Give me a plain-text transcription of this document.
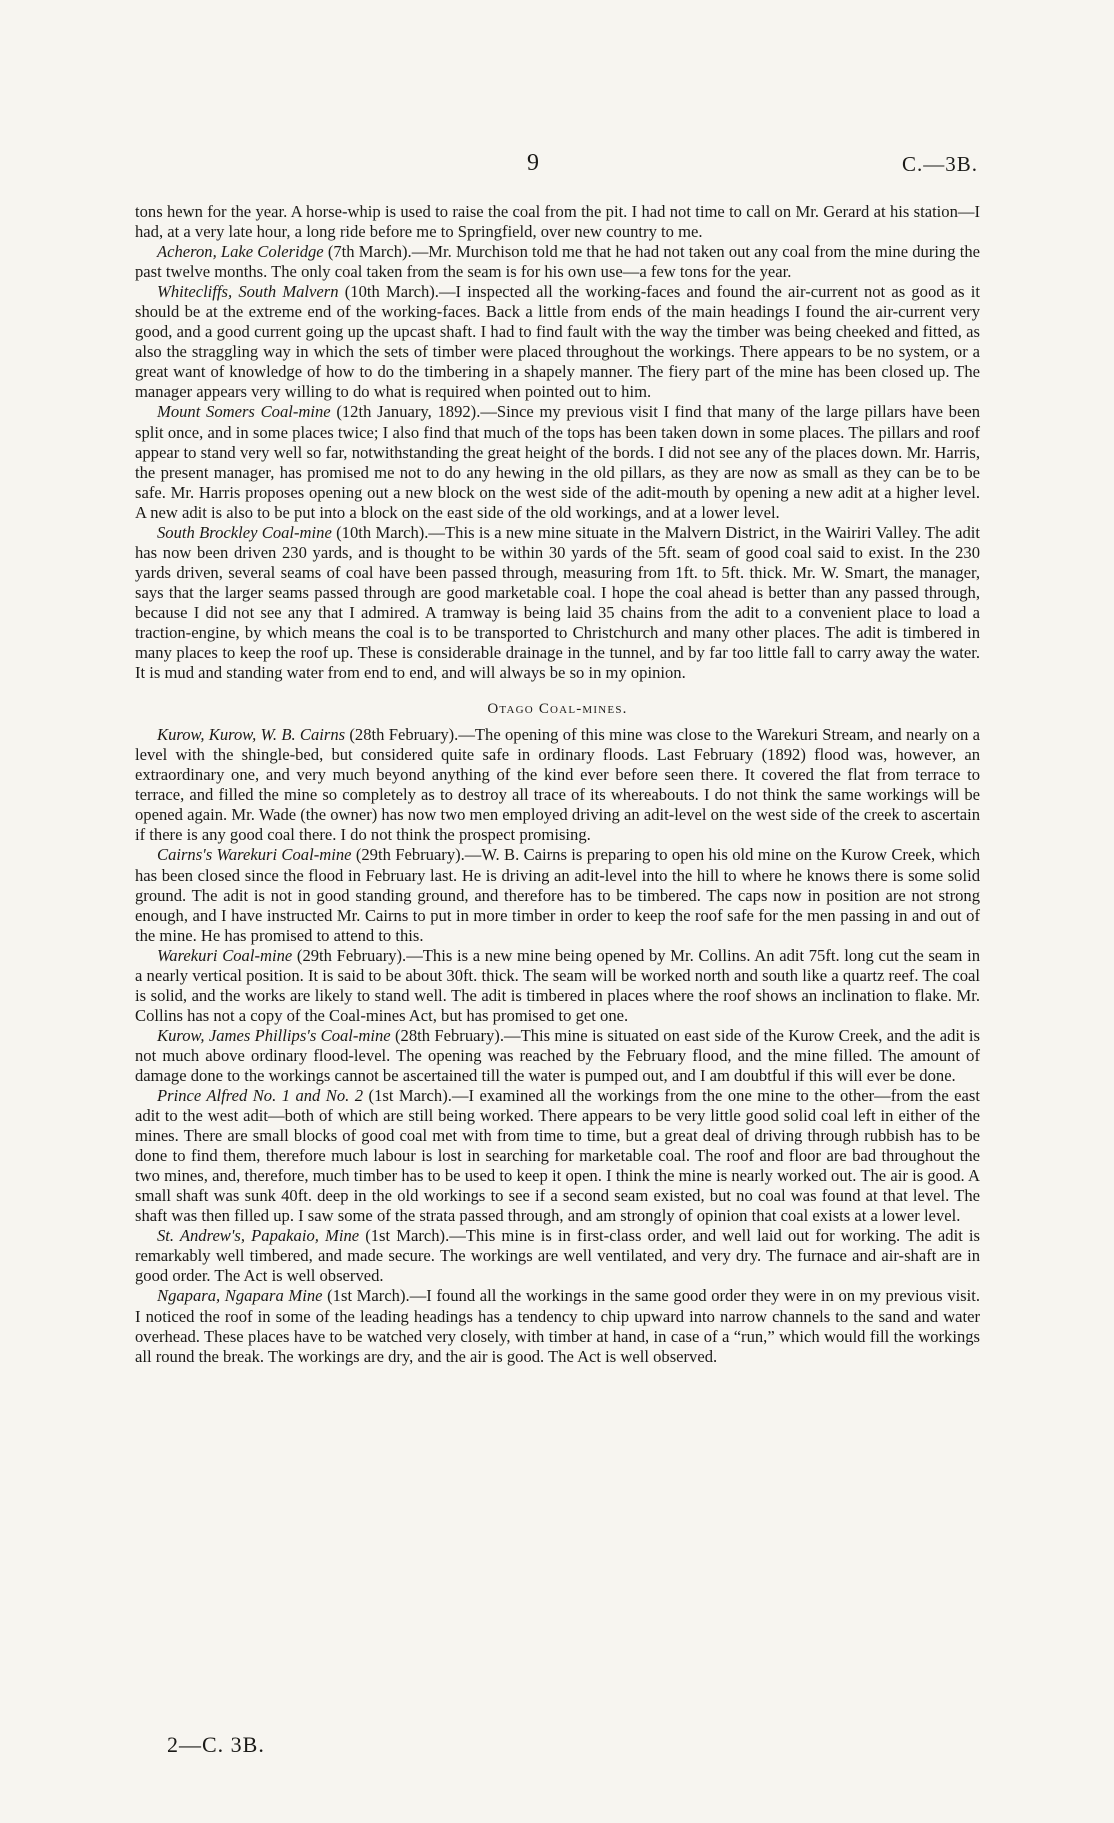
9	C.—3B.

tons hewn for the year. A horse-whip is used to raise the coal from the pit. I had not time to call on Mr. Gerard at his station—I had, at a very late hour, a long ride before me to Springfield, over new country to me.

Acheron, Lake Coleridge (7th March).—Mr. Murchison told me that he had not taken out any coal from the mine during the past twelve months. The only coal taken from the seam is for his own use—a few tons for the year.

Whitecliffs, South Malvern (10th March).—I inspected all the working-faces and found the air-current not as good as it should be at the extreme end of the working-faces. Back a little from ends of the main headings I found the air-current very good, and a good current going up the upcast shaft. I had to find fault with the way the timber was being cheeked and fitted, as also the straggling way in which the sets of timber were placed throughout the workings. There appears to be no system, or a great want of knowledge of how to do the timbering in a shapely manner. The fiery part of the mine has been closed up. The manager appears very willing to do what is required when pointed out to him.

Mount Somers Coal-mine (12th January, 1892).—Since my previous visit I find that many of the large pillars have been split once, and in some places twice; I also find that much of the tops has been taken down in some places. The pillars and roof appear to stand very well so far, notwithstanding the great height of the bords. I did not see any of the places down. Mr. Harris, the present manager, has promised me not to do any hewing in the old pillars, as they are now as small as they can be to be safe. Mr. Harris proposes opening out a new block on the west side of the adit-mouth by opening a new adit at a higher level. A new adit is also to be put into a block on the east side of the old workings, and at a lower level.

South Brockley Coal-mine (10th March).—This is a new mine situate in the Malvern District, in the Wairiri Valley. The adit has now been driven 230 yards, and is thought to be within 30 yards of the 5ft. seam of good coal said to exist. In the 230 yards driven, several seams of coal have been passed through, measuring from 1ft. to 5ft. thick. Mr. W. Smart, the manager, says that the larger seams passed through are good marketable coal. I hope the coal ahead is better than any passed through, because I did not see any that I admired. A tramway is being laid 35 chains from the adit to a convenient place to load a traction-engine, by which means the coal is to be transported to Christchurch and many other places. The adit is timbered in many places to keep the roof up. These is considerable drainage in the tunnel, and by far too little fall to carry away the water. It is mud and standing water from end to end, and will always be so in my opinion.

Otago Coal-mines.

Kurow, Kurow, W. B. Cairns (28th February).—The opening of this mine was close to the Warekuri Stream, and nearly on a level with the shingle-bed, but considered quite safe in ordinary floods. Last February (1892) flood was, however, an extraordinary one, and very much beyond anything of the kind ever before seen there. It covered the flat from terrace to terrace, and filled the mine so completely as to destroy all trace of its whereabouts. I do not think the same workings will be opened again. Mr. Wade (the owner) has now two men employed driving an adit-level on the west side of the creek to ascertain if there is any good coal there. I do not think the prospect promising.

Cairns's Warekuri Coal-mine (29th February).—W. B. Cairns is preparing to open his old mine on the Kurow Creek, which has been closed since the flood in February last. He is driving an adit-level into the hill to where he knows there is some solid ground. The adit is not in good standing ground, and therefore has to be timbered. The caps now in position are not strong enough, and I have instructed Mr. Cairns to put in more timber in order to keep the roof safe for the men passing in and out of the mine. He has promised to attend to this.

Warekuri Coal-mine (29th February).—This is a new mine being opened by Mr. Collins. An adit 75ft. long cut the seam in a nearly vertical position. It is said to be about 30ft. thick. The seam will be worked north and south like a quartz reef. The coal is solid, and the works are likely to stand well. The adit is timbered in places where the roof shows an inclination to flake. Mr. Collins has not a copy of the Coal-mines Act, but has promised to get one.

Kurow, James Phillips's Coal-mine (28th February).—This mine is situated on east side of the Kurow Creek, and the adit is not much above ordinary flood-level. The opening was reached by the February flood, and the mine filled. The amount of damage done to the workings cannot be ascertained till the water is pumped out, and I am doubtful if this will ever be done.

Prince Alfred No. 1 and No. 2 (1st March).—I examined all the workings from the one mine to the other—from the east adit to the west adit—both of which are still being worked. There appears to be very little good solid coal left in either of the mines. There are small blocks of good coal met with from time to time, but a great deal of driving through rubbish has to be done to find them, therefore much labour is lost in searching for marketable coal. The roof and floor are bad throughout the two mines, and, therefore, much timber has to be used to keep it open. I think the mine is nearly worked out. The air is good. A small shaft was sunk 40ft. deep in the old workings to see if a second seam existed, but no coal was found at that level. The shaft was then filled up. I saw some of the strata passed through, and am strongly of opinion that coal exists at a lower level.

St. Andrew's, Papakaio, Mine (1st March).—This mine is in first-class order, and well laid out for working. The adit is remarkably well timbered, and made secure. The workings are well ventilated, and very dry. The furnace and air-shaft are in good order. The Act is well observed.

Ngapara, Ngapara Mine (1st March).—I found all the workings in the same good order they were in on my previous visit. I noticed the roof in some of the leading headings has a tendency to chip upward into narrow channels to the sand and water overhead. These places have to be watched very closely, with timber at hand, in case of a “run,” which would fill the workings all round the break. The workings are dry, and the air is good. The Act is well observed.

2—C. 3B.
